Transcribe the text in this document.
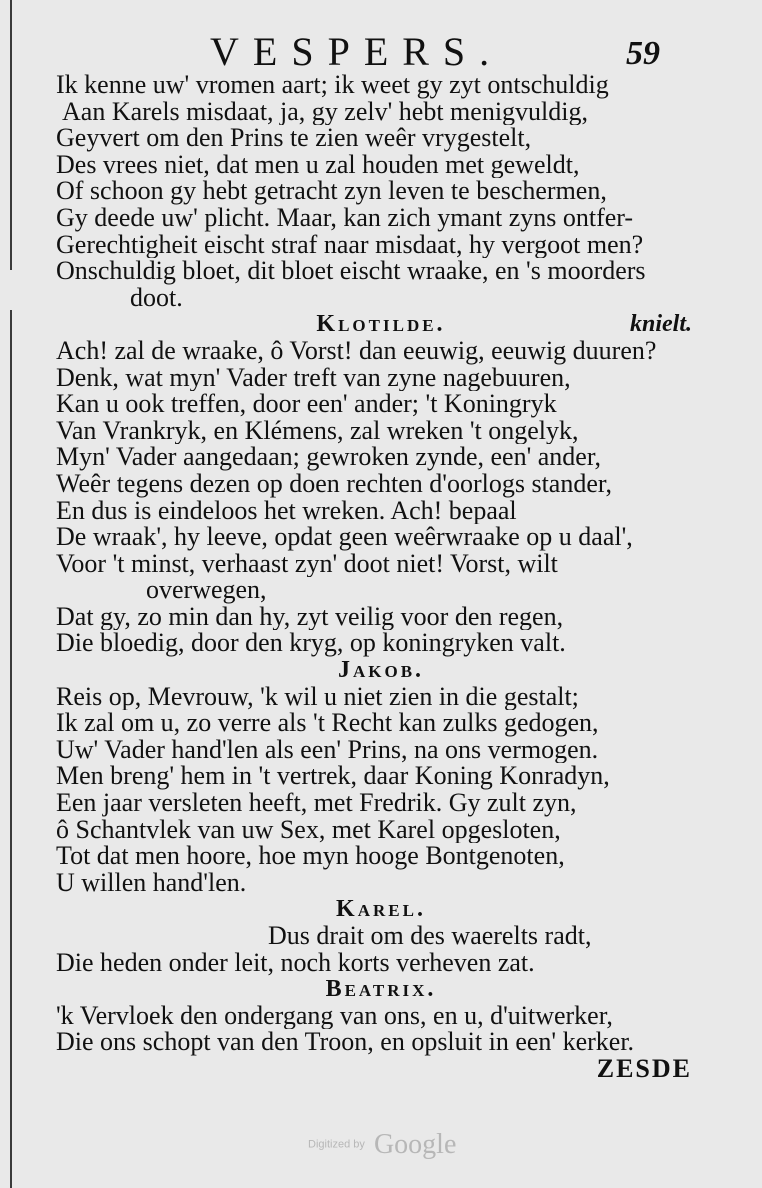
VESPERS.	59
Ik kenne uw' vromen aart; ik weet gy zyt ontschuldig
Aan Karels misdaat, ja, gy zelv' hebt menigvuldig,
Geyvert om den Prins te zien weêr vrygestelt,
Des vrees niet, dat men u zal houden met geweldt,
Of schoon gy hebt getracht zyn leven te beschermen,
Gy deede uw' plicht. Maar, kan zich ymant zyns ontfer-
Gerechtigheit eischt straf naar misdaat, hy vergoot men?
Onschuldig bloet, dit bloet eischt wraake, en 's moorders
doot.
Klotilde.	knielt.
Ach! zal de wraake, ô Vorst! dan eeuwig, eeuwig duuren?
Denk, wat myn' Vader treft van zyne nagebuuren,
Kan u ook treffen, door een' ander; 't Koningryk
Van Vrankryk, en Klémens, zal wreken 't ongelyk,
Myn' Vader aangedaan; gewroken zynde, een' ander,
Weêr tegens dezen op doen rechten d'oorlogs stander,
En dus is eindeloos het wreken. Ach! bepaal
De wraak', hy leeve, opdat geen weêrwraake op u daal',
Voor 't minst, verhaast zyn' doot niet! Vorst, wilt
overwegen,
Dat gy, zo min dan hy, zyt veilig voor den regen,
Die bloedig, door den kryg, op koningryken valt.
Jakob.
Reis op, Mevrouw, 'k wil u niet zien in die gestalt;
Ik zal om u, zo verre als 't Recht kan zulks gedogen,
Uw' Vader hand'len als een' Prins, na ons vermogen.
Men breng' hem in 't vertrek, daar Koning Konradyn,
Een jaar versleten heeft, met Fredrik. Gy zult zyn,
ô Schantvlek van uw Sex, met Karel opgesloten,
Tot dat men hoore, hoe myn hooge Bontgenoten,
U willen hand'len.
Karel.
Dus drait om des waerelts radt,
Die heden onder leit, noch korts verheven zat.
Beatrix.
'k Vervloek den ondergang van ons, en u, d'uitwerker,
Die ons schopt van den Troon, en opsluit in een' kerker.
ZESDE
Digitized by Google
